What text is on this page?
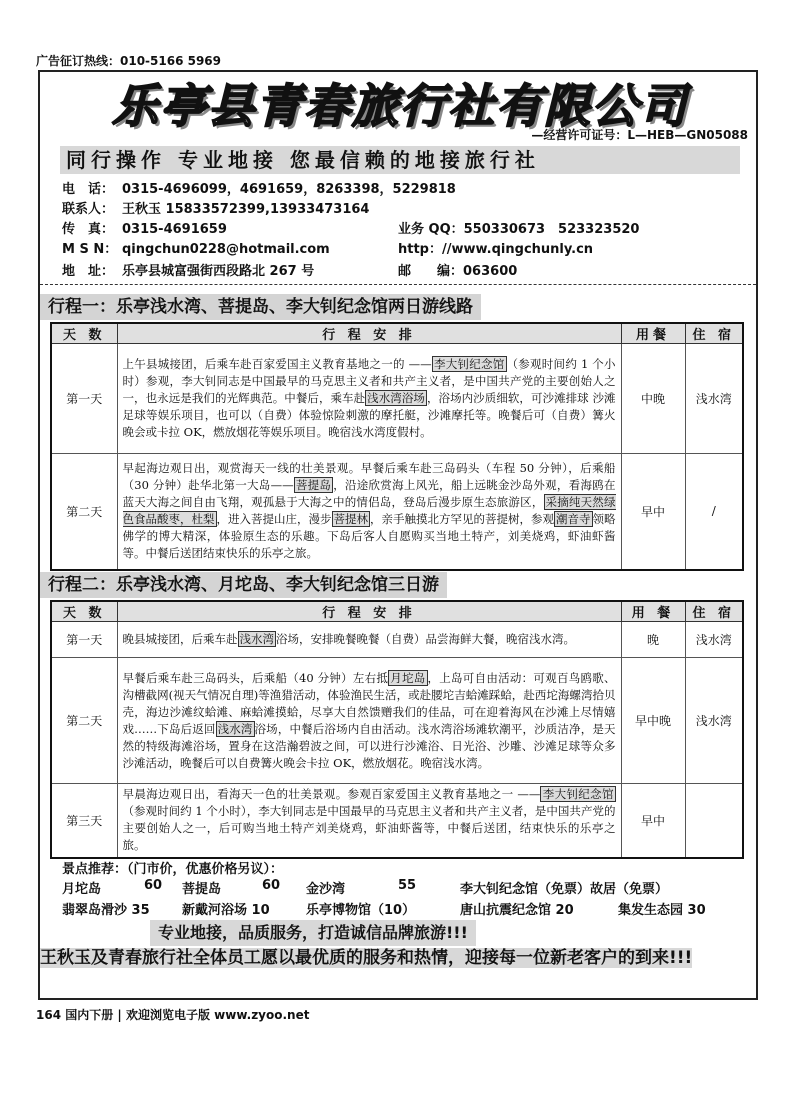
广告征订热线：010-5166 5969
乐亭县青春旅行社有限公司
—经营许可证号：L—HEB—GN05088
同行操作 专业地接 您最信赖的地接旅行社
电　话： 0315-4696099，4691659，8263398，5229818
联系人： 王秋玉 15833572399,13933473164
传　真： 0315-4691659	业务 QQ：550330673　523323520
M S N： qingchun0228@hotmail.com	http：//www.qingchunly.cn
地　址： 乐亭县城富强街西段路北 267 号	邮　　编：063600
行程一：乐亭浅水湾、菩提岛、李大钊纪念馆两日游线路
天 数	行 程 安 排	用餐	住 宿
第一天	上午县城接团，后乘车赴百家爱国主义教育基地之一的 —— 李大钊纪念馆 （参观时间约 1 个小时）参观，李大钊同志是中国最早的马克思主义者和共产主义者，是中国共产党的主要创始人之一，也永远是我们的光辉典范。中餐后，乘车赴 浅水湾浴场 ，浴场内沙质细软，可沙滩排球 沙滩足球等娱乐项目，也可以（自费）体验惊险刺激的摩托艇，沙滩摩托等。晚餐后可（自费）篝火晚会或卡拉 OK，燃放烟花等娱乐项目。晚宿浅水湾度假村。	中晚	浅水湾
第二天	早起海边观日出，观赏海天一线的壮美景观。早餐后乘车赴三岛码头（车程 50 分钟），后乘船（30 分钟）赴华北第一大岛—— 菩提岛 ，沿途欣赏海上风光，船上远眺金沙岛外观，看海鸥在蓝天大海之间自由飞翔，观孤悬于大海之中的情侣岛，登岛后漫步原生态旅游区， 采摘纯天然绿色食品酸枣，杜梨 ，进入菩提山庄，漫步 菩提林 ，亲手触摸北方罕见的菩提树，参观 潮音寺 领略佛学的博大精深，体验原生态的乐趣。下岛后客人自愿购买当地土特产，刘美烧鸡，虾油虾酱等。中餐后送团结束快乐的乐亭之旅。	早中	/
行程二：乐亭浅水湾、月坨岛、李大钊纪念馆三日游
天 数	行 程 安 排	用 餐	住 宿
第一天	晚县城接团，后乘车赴 浅水湾 浴场，安排晚餐晚餐（自费）品尝海鲜大餐，晚宿浅水湾。	晚	浅水湾
第二天	早餐后乘车赴三岛码头，后乘船（40 分钟）左右抵 月坨岛 ，上岛可自由活动：可观百鸟鸥歌、沟槽截网(视天气情况自理)等渔猎活动，体验渔民生活，或赴腰坨吉蛤滩踩蛤，赴西坨海螺湾拾贝壳，海边沙滩纹蛤滩、麻蛤滩摸蛤，尽享大自然馈赠我们的佳品，可在迎着海风在沙滩上尽情嬉戏……下岛后返回 浅水湾 浴场，中餐后浴场内自由活动。浅水湾浴场滩软潮平，沙质洁净，是天然的特级海滩浴场，置身在这浩瀚碧波之间，可以进行沙滩浴、日光浴、沙雕、沙滩足球等众多沙滩活动，晚餐后可以自费篝火晚会卡拉 OK，燃放烟花。晚宿浅水湾。	早中晚	浅水湾
第三天	早晨海边观日出，看海天一色的壮美景观。参观百家爱国主义教育基地之一 —— 李大钊纪念馆（参观时间约 1 个小时），李大钊同志是中国最早的马克思主义者和共产主义者，是中国共产党的主要创始人之一，后可购当地土特产刘美烧鸡，虾油虾酱等，中餐后送团，结束快乐的乐亭之旅。	早中	
景点推荐：（门市价，优惠价格另议）：
月坨岛	60 菩提岛	60 金沙湾	55	李大钊纪念馆（免票）故居（免票）
翡翠岛滑沙 35 新戴河浴场 10	乐亭博物馆（10）	唐山抗震纪念馆 20	集发生态园 30
专业地接，品质服务，打造诚信品牌旅游!!!
王秋玉及青春旅行社全体员工愿以最优质的服务和热情，迎接每一位新老客户的到来!!!
164 国内下册 | 欢迎浏览电子版 www.zyoo.net
